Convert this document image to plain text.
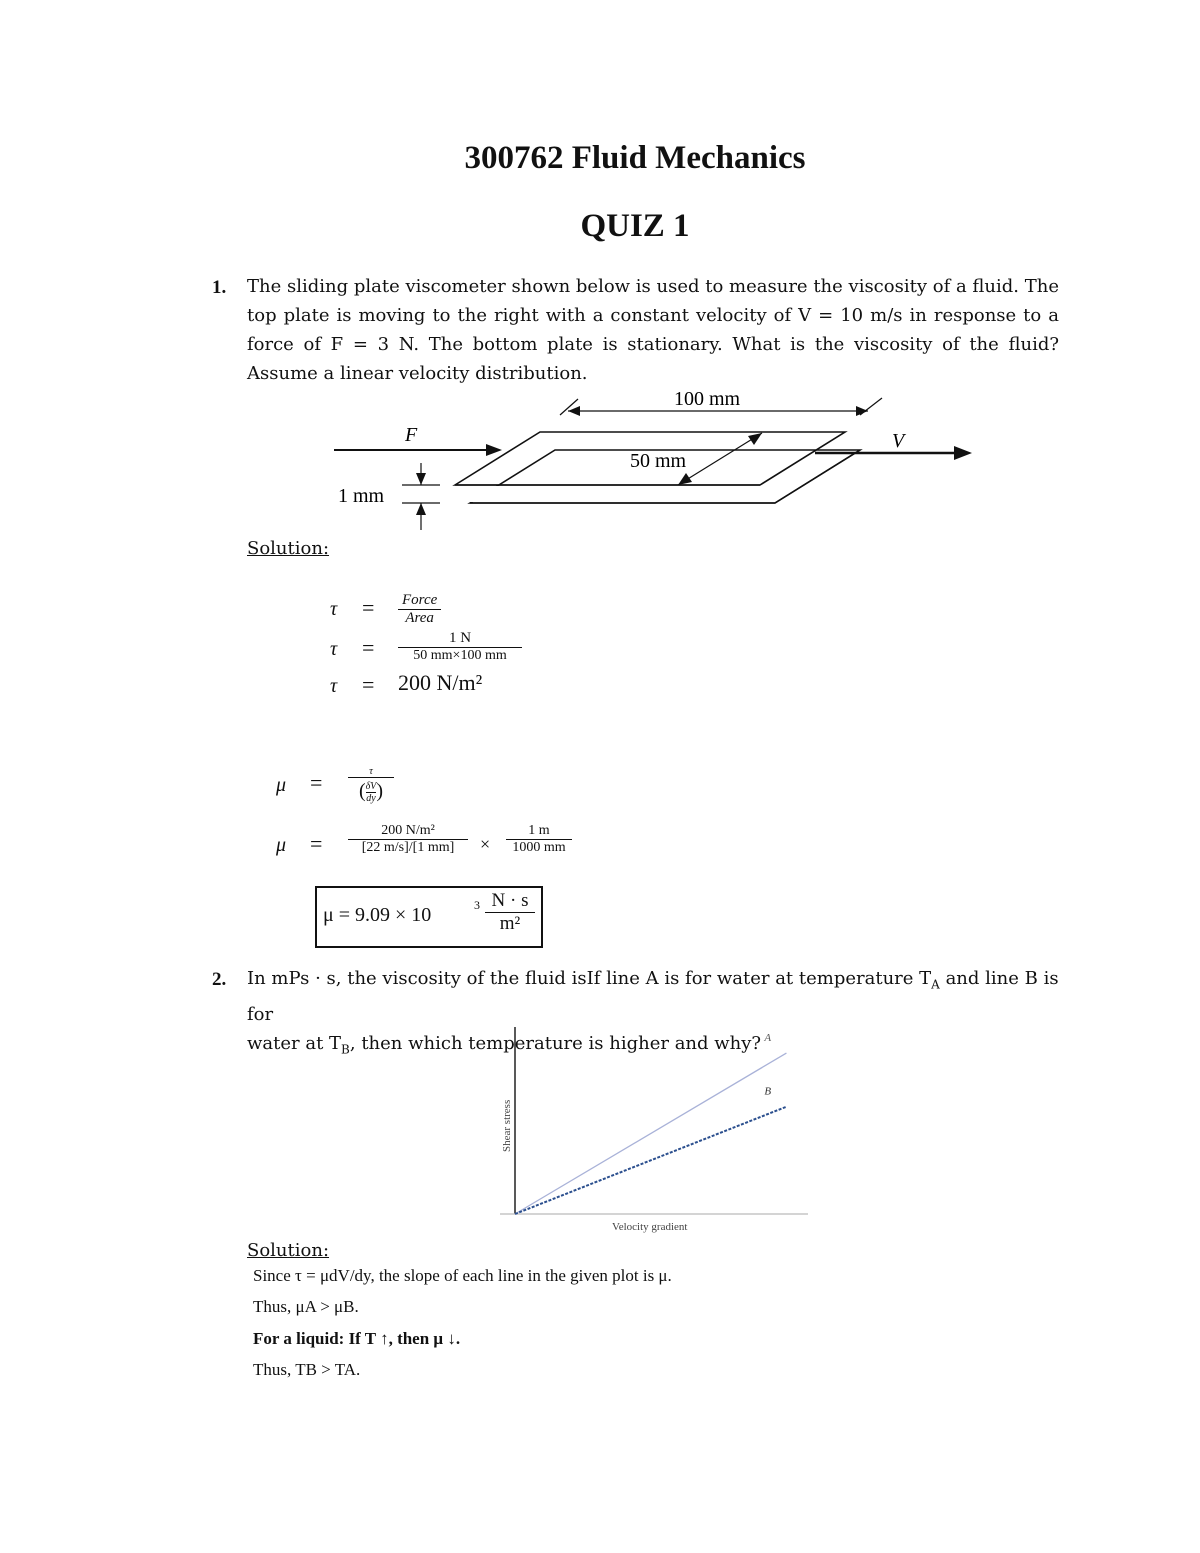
300762 Fluid Mechanics
QUIZ 1
1. The sliding plate viscometer shown below is used to measure the viscosity of a fluid. The top plate is moving to the right with a constant velocity of V = 10 m/s in response to a force of F = 3 N. The bottom plate is stationary. What is the viscosity of the fluid? Assume a linear velocity distribution.
F	V
100 mm
50 mm
1 mm
Solution:
τ = Force
Area
$\tau = \frac{1 N}{50 mm\times 100 mm}$
τ = 200 N/m²
μ =	τ
( $\frac{\delta V}{dy}$ )
$\mu = \frac{\text{200 N/m²}}{[22 m/s]/[1 mm]} \times \frac{1 m}{1000 mm}$
μ = 9.09 × 10	$3 \frac{N \cdot s}{\text{m²}}$
2. In mPs · s, the viscosity of the fluid isIf line A is for water at temperature $T_A$ and line B is for
water at $T_B$, then which temperature is higher and why?
Shear stress
Velocity gradient
A
B
Solution:
Since τ = μdV/dy, the slope of each line in the given plot is μ.
Thus, μA > μB.
For a liquid: If T ↑, then μ ↓.
Thus, TB > TA.
